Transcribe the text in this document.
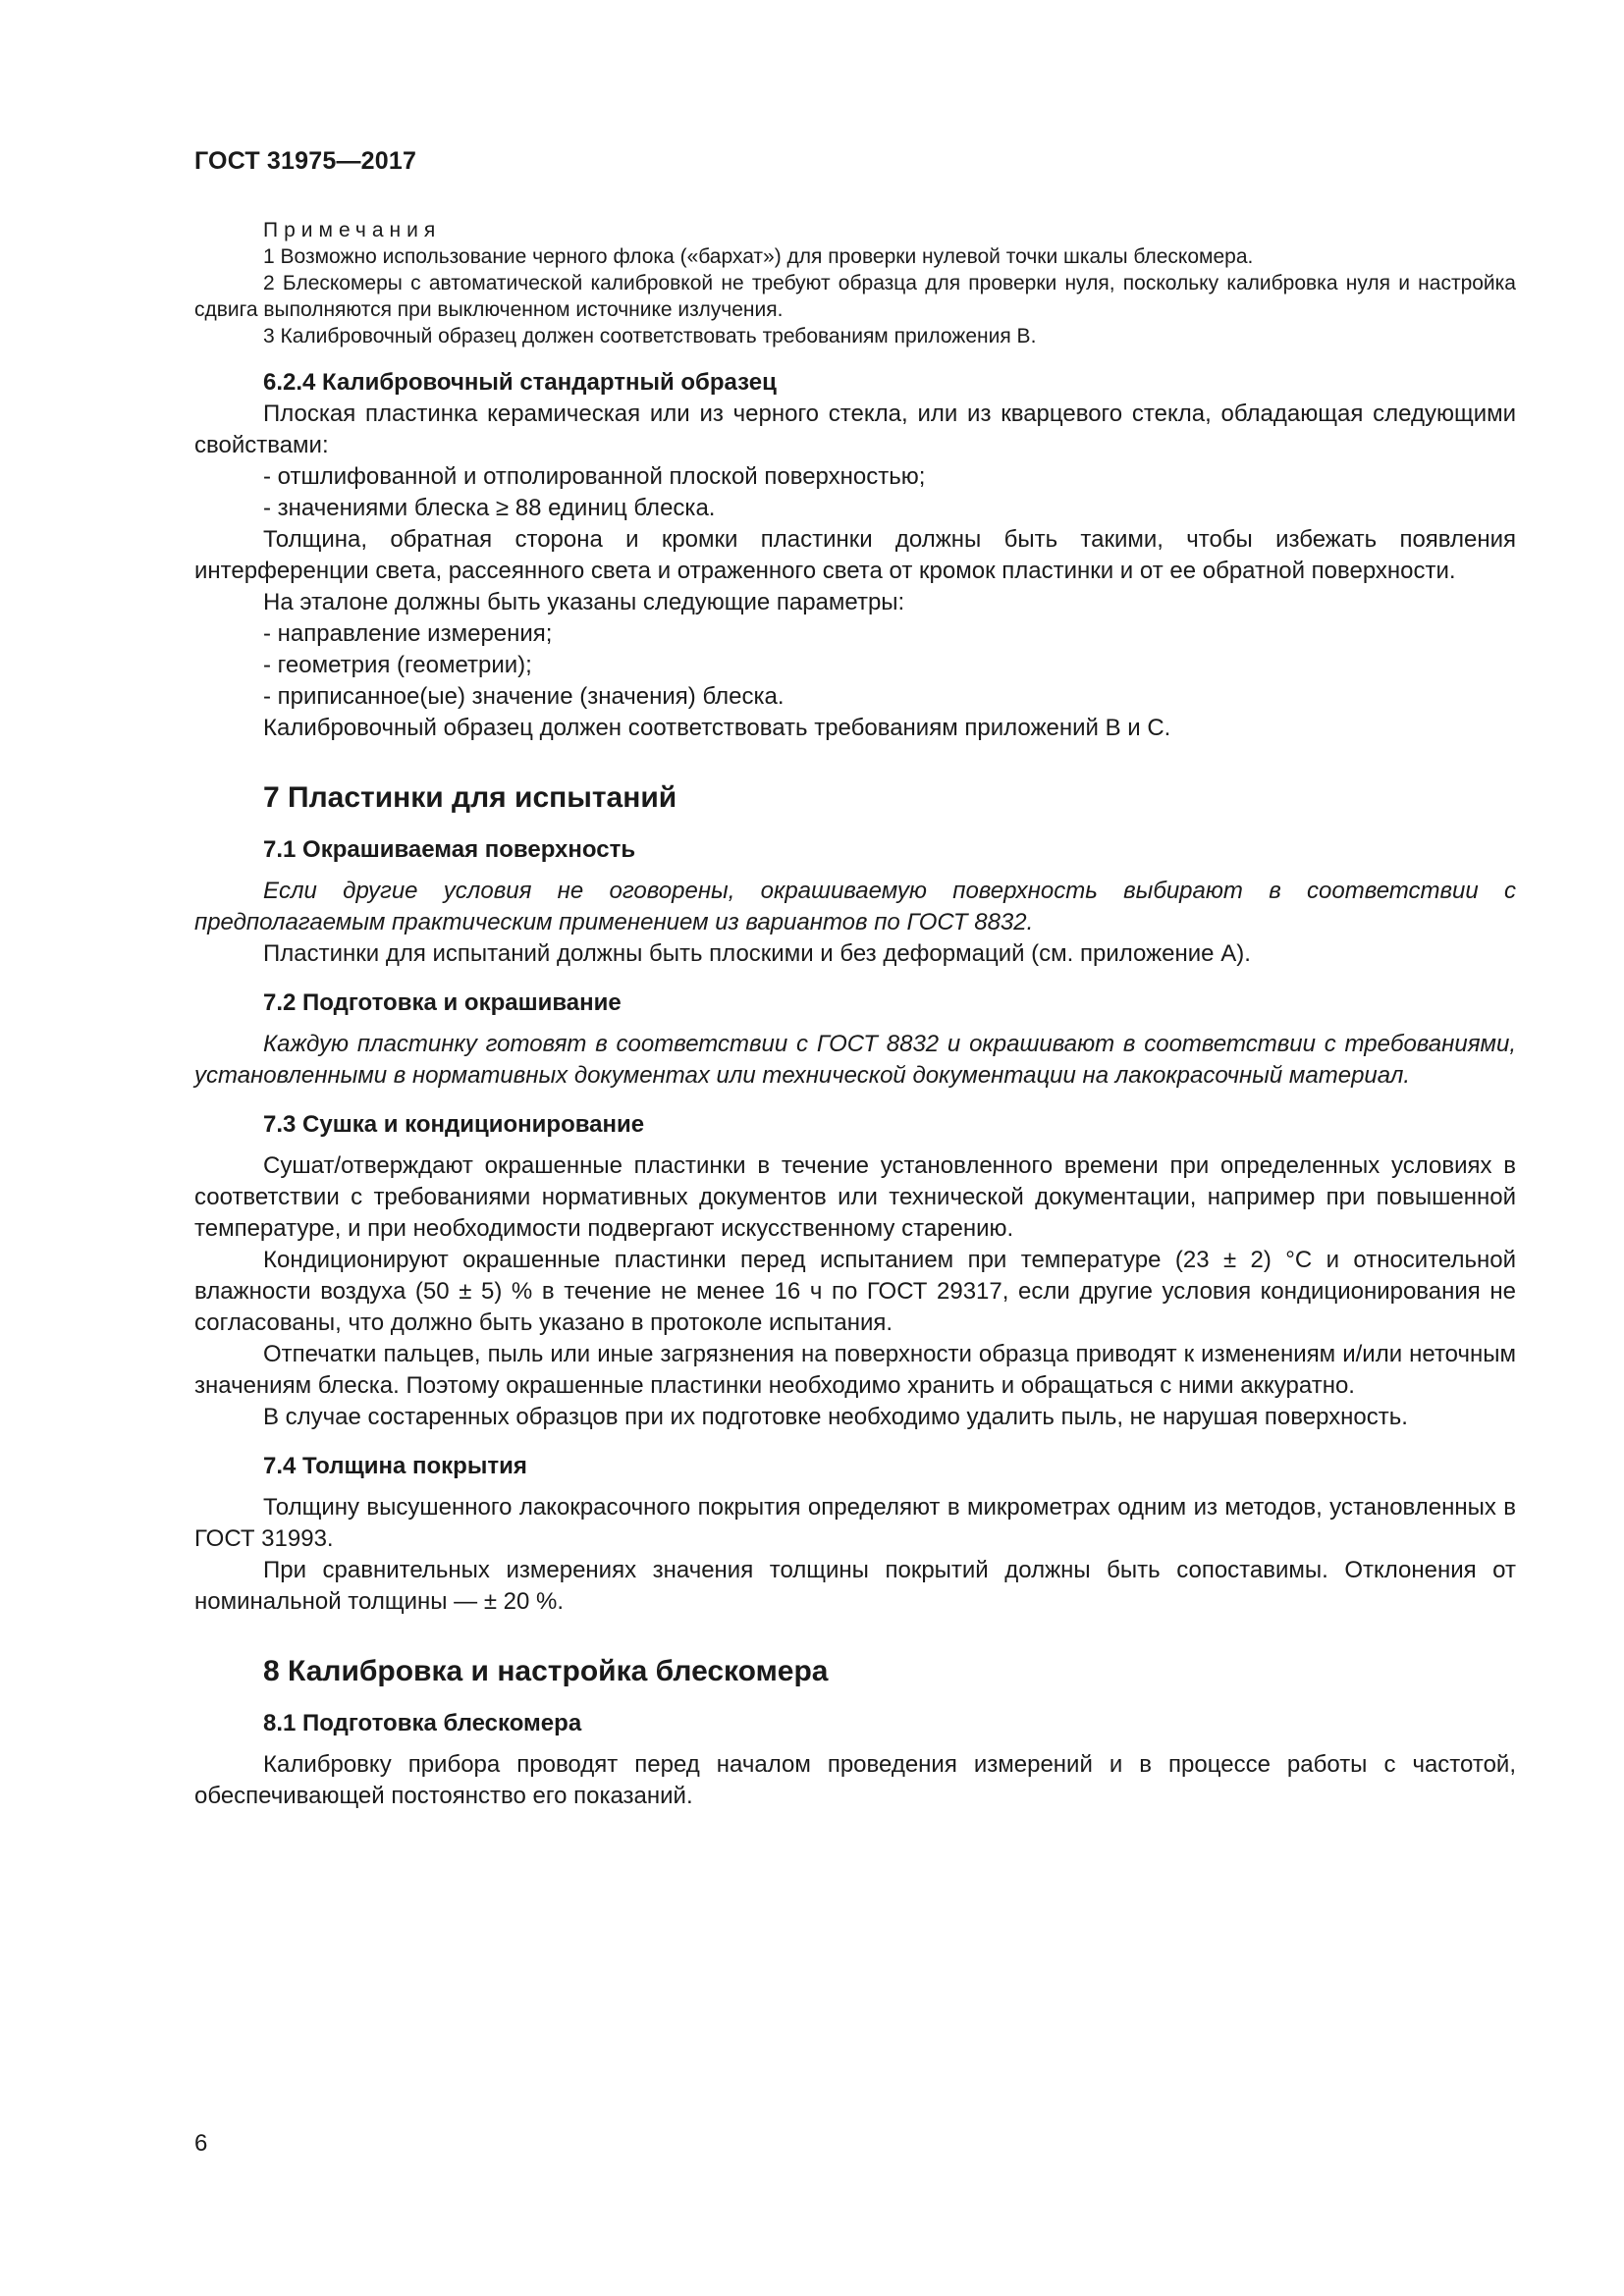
ГОСТ 31975—2017
Примечания

1 Возможно использование черного флока («бархат») для проверки нулевой точки шкалы блескомера.

2 Блескомеры с автоматической калибровкой не требуют образца для проверки нуля, поскольку калибровка нуля и настройка сдвига выполняются при выключенном источнике излучения.

3 Калибровочный образец должен соответствовать требованиям приложения В.

6.2.4 Калибровочный стандартный образец

Плоская пластинка керамическая или из черного стекла, или из кварцевого стекла, обладающая следующими свойствами:

- отшлифованной и отполированной плоской поверхностью;

- значениями блеска ≥ 88 единиц блеска.

Толщина, обратная сторона и кромки пластинки должны быть такими, чтобы избежать появления интерференции света, рассеянного света и отраженного света от кромок пластинки и от ее обратной поверхности.

На эталоне должны быть указаны следующие параметры:

- направление измерения;

- геометрия (геометрии);

- приписанное(ые) значение (значения) блеска.

Калибровочный образец должен соответствовать требованиям приложений В и С.

7 Пластинки для испытаний
7.1 Окрашиваемая поверхность

Если другие условия не оговорены, окрашиваемую поверхность выбирают в соответствии с предполагаемым практическим применением из вариантов по ГОСТ 8832.

Пластинки для испытаний должны быть плоскими и без деформаций (см. приложение А).

7.2 Подготовка и окрашивание

Каждую пластинку готовят в соответствии с ГОСТ 8832 и окрашивают в соответствии с требованиями, установленными в нормативных документах или технической документации на лакокрасочный материал.

7.3 Сушка и кондиционирование

Сушат/отверждают окрашенные пластинки в течение установленного времени при определенных условиях в соответствии с требованиями нормативных документов или технической документации, например при повышенной температуре, и при необходимости подвергают искусственному старению.

Кондиционируют окрашенные пластинки перед испытанием при температуре (23 ± 2) °С и относительной влажности воздуха (50 ± 5) % в течение не менее 16 ч по ГОСТ 29317, если другие условия кондиционирования не согласованы, что должно быть указано в протоколе испытания.

Отпечатки пальцев, пыль или иные загрязнения на поверхности образца приводят к изменениям и/или неточным значениям блеска. Поэтому окрашенные пластинки необходимо хранить и обращаться с ними аккуратно.

В случае состаренных образцов при их подготовке необходимо удалить пыль, не нарушая поверхность.

7.4 Толщина покрытия

Толщину высушенного лакокрасочного покрытия определяют в микрометрах одним из методов, установленных в ГОСТ 31993.

При сравнительных измерениях значения толщины покрытий должны быть сопоставимы. Отклонения от номинальной толщины — ± 20 %.

8 Калибровка и настройка блескомера
8.1 Подготовка блескомера

Калибровку прибора проводят перед началом проведения измерений и в процессе работы с частотой, обеспечивающей постоянство его показаний.

6
